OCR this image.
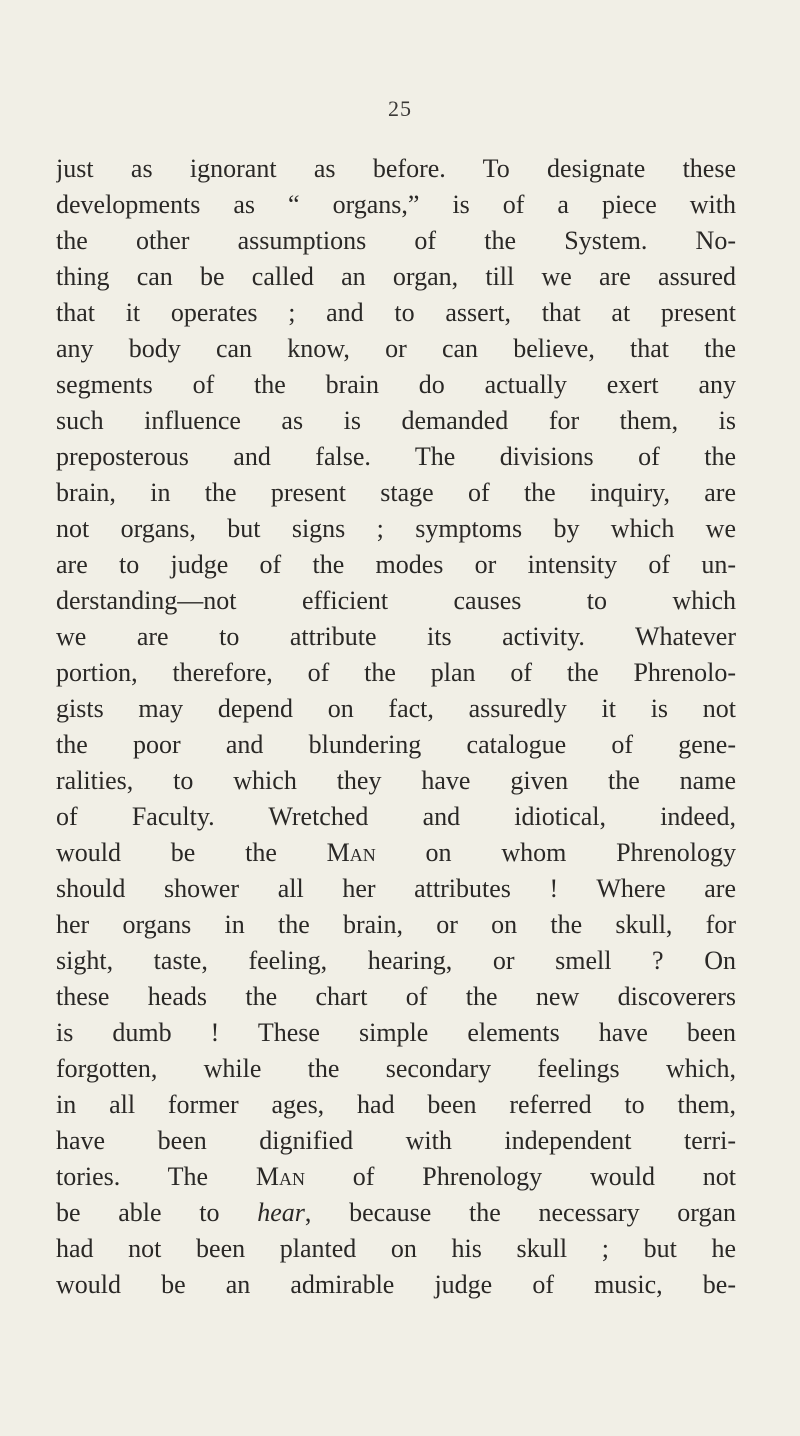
25
just as ignorant as before. To designate these
developments as “ organs,” is of a piece with
the other assumptions of the System. No-
thing can be called an organ, till we are assured
that it operates ; and to assert, that at present
any body can know, or can believe, that the
segments of the brain do actually exert any
such influence as is demanded for them, is
preposterous and false. The divisions of the
brain, in the present stage of the inquiry, are
not organs, but signs ; symptoms by which we
are to judge of the modes or intensity of un-
derstanding—not efficient causes to which
we are to attribute its activity. Whatever
portion, therefore, of the plan of the Phrenolo-
gists may depend on fact, assuredly it is not
the poor and blundering catalogue of gene-
ralities, to which they have given the name
of Faculty. Wretched and idiotical, indeed,
would be the Man on whom Phrenology
should shower all her attributes ! Where are
her organs in the brain, or on the skull, for
sight, taste, feeling, hearing, or smell ? On
these heads the chart of the new discoverers
is dumb ! These simple elements have been
forgotten, while the secondary feelings which,
in all former ages, had been referred to them,
have been dignified with independent terri-
tories. The Man of Phrenology would not
be able to hear, because the necessary organ
had not been planted on his skull ; but he
would be an admirable judge of music, be-
